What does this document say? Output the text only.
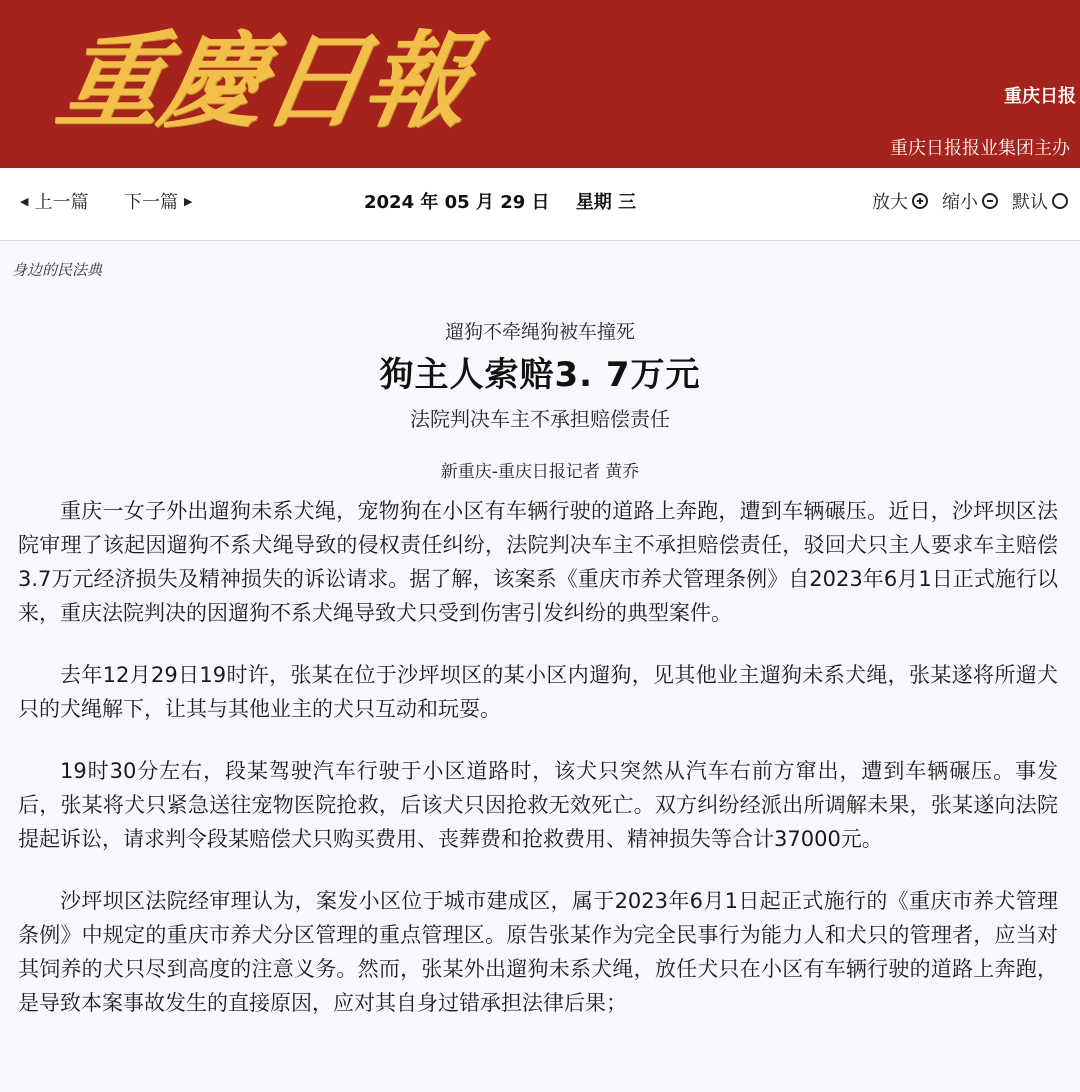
重慶日報	重庆日报
重庆日报报业集团主办
◀ 上一篇 下一篇 ▶	2024 年 05 月 29 日 星期 三	放大 缩小 默认
身边的民法典
遛狗不牵绳狗被车撞死
狗主人索赔3. 7万元
法院判决车主不承担赔偿责任
新重庆-重庆日报记者 黄乔

重庆一女子外出遛狗未系犬绳，宠物狗在小区有车辆行驶的道路上奔跑，遭到车辆碾压。近日，沙坪坝区法院审理了该起因遛狗不系犬绳导致的侵权责任纠纷，法院判决车主不承担赔偿责任，驳回犬只主人要求车主赔偿3.7万元经济损失及精神损失的诉讼请求。据了解，该案系《重庆市养犬管理条例》自2023年6月1日正式施行以来，重庆法院判决的因遛狗不系犬绳导致犬只受到伤害引发纠纷的典型案件。

去年12月29日19时许，张某在位于沙坪坝区的某小区内遛狗，见其他业主遛狗未系犬绳，张某遂将所遛犬只的犬绳解下，让其与其他业主的犬只互动和玩耍。

19时30分左右，段某驾驶汽车行驶于小区道路时，该犬只突然从汽车右前方窜出，遭到车辆碾压。事发后，张某将犬只紧急送往宠物医院抢救，后该犬只因抢救无效死亡。双方纠纷经派出所调解未果，张某遂向法院提起诉讼，请求判令段某赔偿犬只购买费用、丧葬费和抢救费用、精神损失等合计37000元。

沙坪坝区法院经审理认为，案发小区位于城市建成区，属于2023年6月1日起正式施行的《重庆市养犬管理条例》中规定的重庆市养犬分区管理的重点管理区。原告张某作为完全民事行为能力人和犬只的管理者，应当对其饲养的犬只尽到高度的注意义务。然而，张某外出遛狗未系犬绳，放任犬只在小区有车辆行驶的道路上奔跑，是导致本案事故发生的直接原因，应对其自身过错承担法律后果；
